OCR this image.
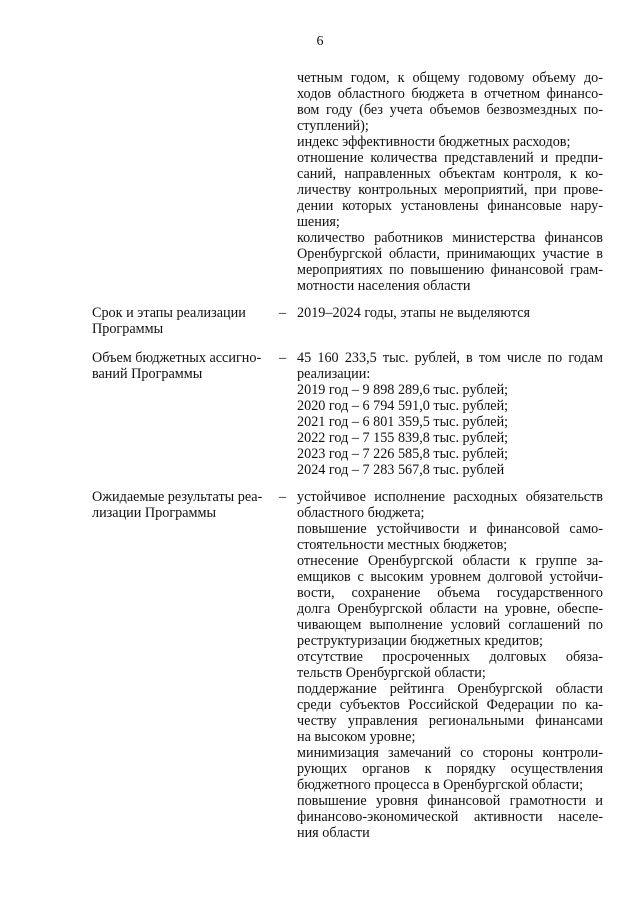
6
четным годом, к общему годовому объему до-
ходов областного бюджета в отчетном финансо-
вом году (без учета объемов безвозмездных по-
ступлений);
индекс эффективности бюджетных расходов;
отношение количества представлений и предпи-
саний, направленных объектам контроля, к ко-
личеству контрольных мероприятий, при прове-
дении которых установлены финансовые нару-
шения;
количество работников министерства финансов
Оренбургской области, принимающих участие в
мероприятиях по повышению финансовой грам-
мотности населения области
Срок и этапы реализации
Программы
– 2019–2024 годы, этапы не выделяются
Объем бюджетных ассигно-
ваний Программы
– 45 160 233,5 тыс. рублей, в том числе по годам
реализации:
2019 год – 9 898 289,6 тыс. рублей;
2020 год – 6 794 591,0 тыс. рублей;
2021 год – 6 801 359,5 тыс. рублей;
2022 год – 7 155 839,8 тыс. рублей;
2023 год – 7 226 585,8 тыс. рублей;
2024 год – 7 283 567,8 тыс. рублей
Ожидаемые результаты реа-
лизации Программы
– устойчивое исполнение расходных обязательств
областного бюджета;
повышение устойчивости и финансовой само-
стоятельности местных бюджетов;
отнесение Оренбургской области к группе за-
емщиков с высоким уровнем долговой устойчи-
вости, сохранение объема государственного
долга Оренбургской области на уровне, обеспе-
чивающем выполнение условий соглашений по
реструктуризации бюджетных кредитов;
отсутствие просроченных долговых обяза-
тельств Оренбургской области;
поддержание рейтинга Оренбургской области
среди субъектов Российской Федерации по ка-
честву управления региональными финансами
на высоком уровне;
минимизация замечаний со стороны контроли-
рующих органов к порядку осуществления
бюджетного процесса в Оренбургской области;
повышение уровня финансовой грамотности и
финансово-экономической активности населе-
ния области
